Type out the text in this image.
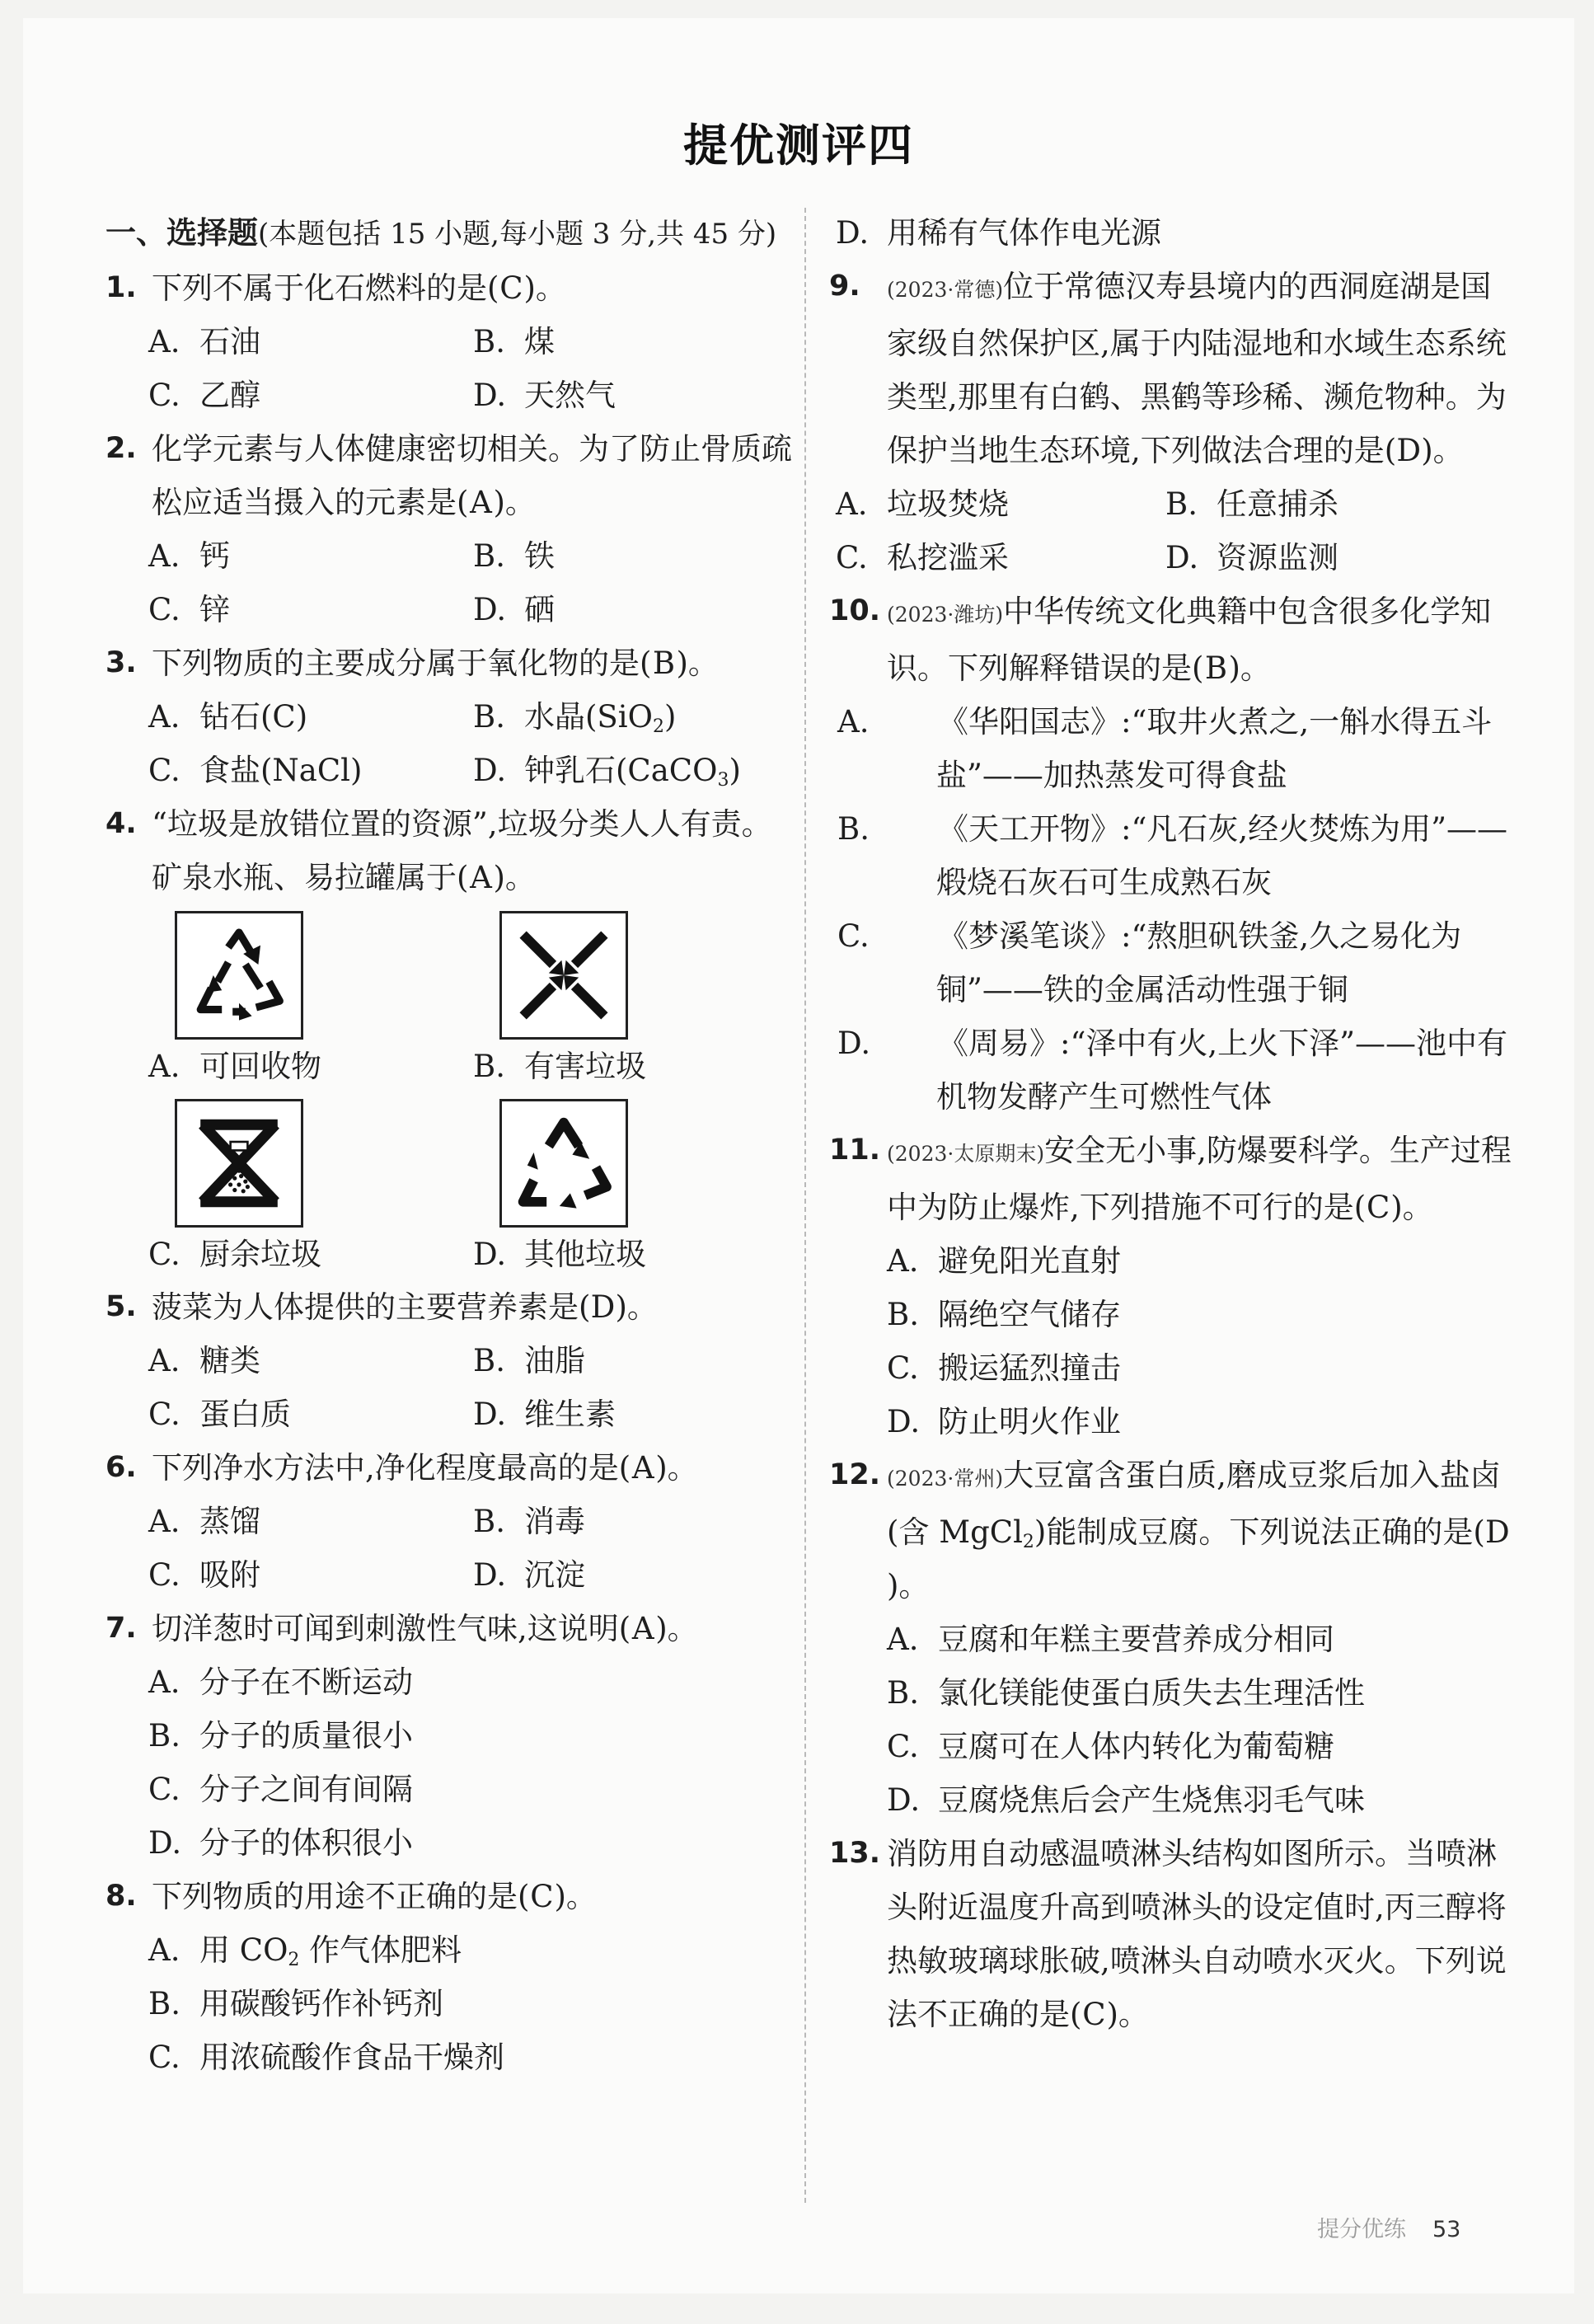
提优测评四
一、选择题(本题包括 15 小题,每小题 3 分,共 45 分)
1. 下列不属于化石燃料的是(C)。
A. 石油	B. 煤
C. 乙醇	D. 天然气
2. 化学元素与人体健康密切相关。为了防止骨质疏松应适当摄入的元素是(A)。
A. 钙	B. 铁
C. 锌	D. 硒
3. 下列物质的主要成分属于氧化物的是(B)。
A. 钻石(C)	B. 水晶(SiO$_2$)
C. 食盐(NaCl)	D. 钟乳石(CaCO$_3$)
4. “垃圾是放错位置的资源”,垃圾分类人人有责。矿泉水瓶、易拉罐属于(A)。
A. 可回收物	B. 有害垃圾
C. 厨余垃圾	D. 其他垃圾
5. 菠菜为人体提供的主要营养素是(D)。
A. 糖类	B. 油脂
C. 蛋白质	D. 维生素
6. 下列净水方法中,净化程度最高的是(A)。
A. 蒸馏	B. 消毒
C. 吸附	D. 沉淀
7. 切洋葱时可闻到刺激性气味,这说明(A)。
A. 分子在不断运动
B. 分子的质量很小
C. 分子之间有间隔
D. 分子的体积很小
8. 下列物质的用途不正确的是(C)。
A. 用 $CO_2$ 作气体肥料
B. 用碳酸钙作补钙剂
C. 用浓硫酸作食品干燥剂
D. 用稀有气体作电光源
9.	(2023·常德)位于常德汉寿县境内的西洞庭湖是国家级自然保护区,属于内陆湿地和水域生态系统类型,那里有白鹤、黑鹤等珍稀、濒危物种。为保护当地生态环境,下列做法合理的是(D)。
A. 垃圾焚烧	B. 任意捕杀
C. 私挖滥采	D. 资源监测
10. (2023·潍坊)中华传统文化典籍中包含很多化学知识。下列解释错误的是(B)。
A. 《华阳国志》:“取井火煮之,一斛水得五斗盐”——加热蒸发可得食盐
B. 《天工开物》:“凡石灰,经火焚炼为用”——煅烧石灰石可生成熟石灰
C. 《梦溪笔谈》:“熬胆矾铁釜,久之易化为铜”——铁的金属活动性强于铜
D. 《周易》:“泽中有火,上火下泽”——池中有机物发酵产生可燃性气体
11. (2023·太原期末)安全无小事,防爆要科学。生产过程中为防止爆炸,下列措施不可行的是(C)。
A. 避免阳光直射
B. 隔绝空气储存
C. 搬运猛烈撞击
D. 防止明火作业
12. (2023·常州)大豆富含蛋白质,磨成豆浆后加入盐卤(含 MgCl$_2$)能制成豆腐。下列说法正确的是(D)。
A. 豆腐和年糕主要营养成分相同
B. 氯化镁能使蛋白质失去生理活性
C. 豆腐可在人体内转化为葡萄糖
D. 豆腐烧焦后会产生烧焦羽毛气味
13. 消防用自动感温喷淋头结构如图所示。当喷淋头附近温度升高到喷淋头的设定值时,丙三醇将热敏玻璃球胀破,喷淋头自动喷水灭火。下列说法不正确的是(C)。
提分优练 53
